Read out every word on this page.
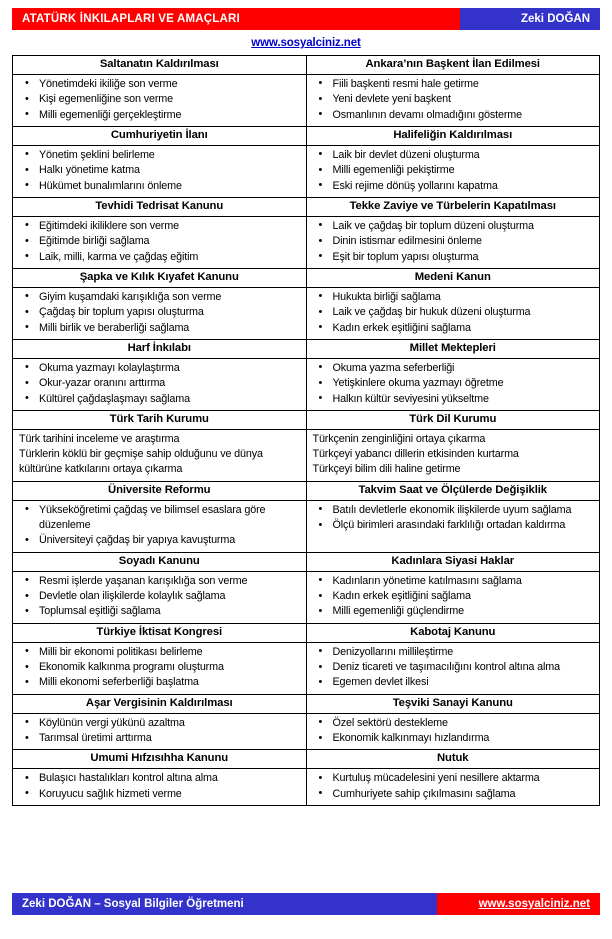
ATATÜRK İNKILAPLARI VE AMAÇLARI	Zeki DOĞAN
www.sosyalciniz.net
Saltanatın Kaldırılması	Ankara’nın Başkent İlan Edilmesi

• Yönetimdeki ikiliğe son verme
• Kişi egemenliğine son verme
• Milli egemenliği gerçekleştirme

• Fiili başkenti resmi hale getirme
• Yeni devlete yeni başkent
• Osmanlının devamı olmadığını gösterme

Cumhuriyetin İlanı	Halifeliğin Kaldırılması

• Yönetim şeklini belirleme
• Halkı yönetime katma
• Hükümet bunalımlarını önleme

• Laik bir devlet düzeni oluşturma
• Milli egemenliği pekiştirme
• Eski rejime dönüş yollarını kapatma

Tevhidi Tedrisat Kanunu	Tekke Zaviye ve Türbelerin Kapatılması

• Eğitimdeki ikiliklere son verme
• Eğitimde birliği sağlama
• Laik, milli, karma ve çağdaş eğitim

• Laik ve çağdaş bir toplum düzeni oluşturma
• Dinin istismar edilmesini önleme
• Eşit bir toplum yapısı oluşturma

Şapka ve Kılık Kıyafet Kanunu	Medeni Kanun

• Giyim kuşamdaki karışıklığa son verme
• Çağdaş bir toplum yapısı oluşturma
• Milli birlik ve beraberliği sağlama

• Hukukta birliği sağlama
• Laik ve çağdaş bir hukuk düzeni oluşturma
• Kadın erkek eşitliğini sağlama

Harf İnkılabı	Millet Mektepleri

• Okuma yazmayı kolaylaştırma
• Okur-yazar oranını arttırma
• Kültürel çağdaşlaşmayı sağlama

• Okuma yazma seferberliği
• Yetişkinlere okuma yazmayı öğretme
• Halkın kültür seviyesini yükseltme

Türk Tarih Kurumu	Türk Dil Kurumu

Türk tarihini inceleme ve araştırma
Türklerin köklü bir geçmişe sahip olduğunu ve dünya kültürüne katkılarını ortaya çıkarma

Türkçenin zenginliğini ortaya çıkarma
Türkçeyi yabancı dillerin etkisinden kurtarma
Türkçeyi bilim dili haline getirme

Üniversite Reformu	Takvim Saat ve Ölçülerde Değişiklik

• Yükseköğretimi çağdaş ve bilimsel esaslara göre düzenleme
• Üniversiteyi çağdaş bir yapıya kavuşturma

• Batılı devletlerle ekonomik ilişkilerde uyum sağlama
• Ölçü birimleri arasındaki farklılığı ortadan kaldırma

Soyadı Kanunu	Kadınlara Siyasi Haklar

• Resmi işlerde yaşanan karışıklığa son verme
• Devletle olan ilişkilerde kolaylık sağlama
• Toplumsal eşitliği sağlama

• Kadınların yönetime katılmasını sağlama
• Kadın erkek eşitliğini sağlama
• Milli egemenliği güçlendirme

Türkiye İktisat Kongresi	Kabotaj Kanunu

• Milli bir ekonomi politikası belirleme
• Ekonomik kalkınma programı oluşturma
• Milli ekonomi seferberliği başlatma

• Denizyollarını millileştirme
• Deniz ticareti ve taşımacılığını kontrol altına alma
• Egemen devlet ilkesi

Aşar Vergisinin Kaldırılması	Teşviki Sanayi Kanunu

• Köylünün vergi yükünü azaltma
• Tarımsal üretimi arttırma

• Özel sektörü destekleme
• Ekonomik kalkınmayı hızlandırma

Umumi Hıfzısıhha Kanunu	Nutuk

• Bulaşıcı hastalıkları kontrol altına alma
• Koruyucu sağlık hizmeti verme

• Kurtuluş mücadelesini yeni nesillere aktarma
• Cumhuriyete sahip çıkılmasını sağlama
Zeki DOĞAN – Sosyal Bilgiler Öğretmeni	www.sosyalciniz.net
